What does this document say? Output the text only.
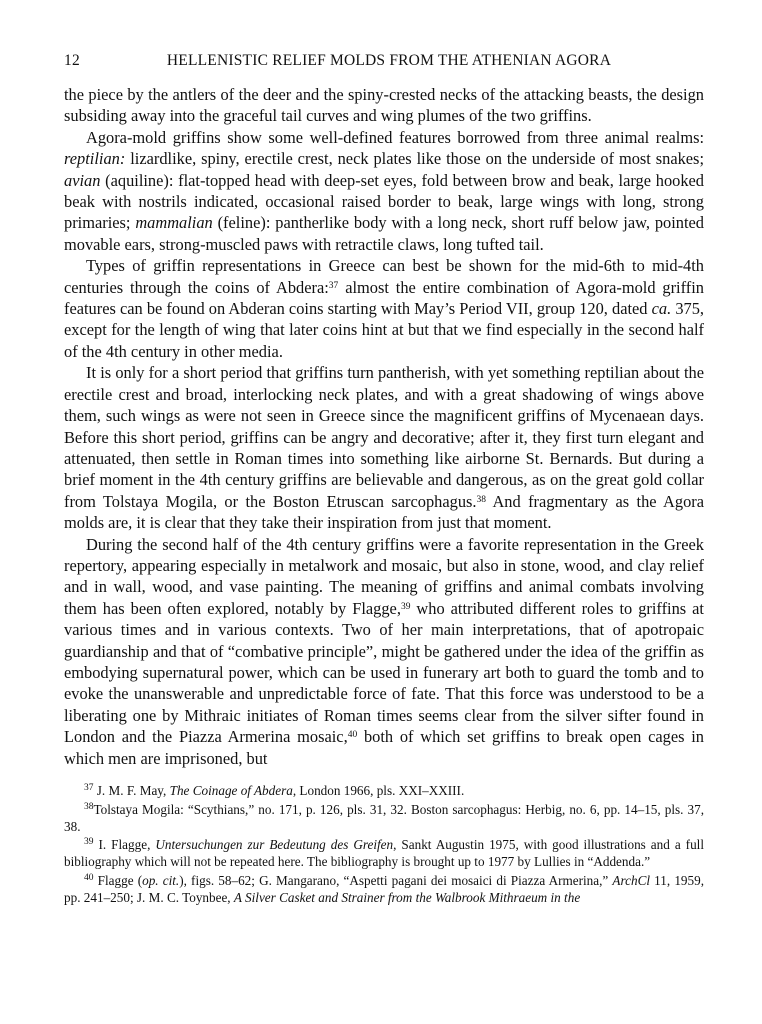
12	HELLENISTIC RELIEF MOLDS FROM THE ATHENIAN AGORA

the piece by the antlers of the deer and the spiny-crested necks of the attacking beasts, the design subsiding away into the graceful tail curves and wing plumes of the two griffins.

Agora-mold griffins show some well-defined features borrowed from three animal realms: reptilian: lizardlike, spiny, erectile crest, neck plates like those on the underside of most snakes; avian (aquiline): flat-topped head with deep-set eyes, fold between brow and beak, large hooked beak with nostrils indicated, occasional raised border to beak, large wings with long, strong primaries; mammalian (feline): pantherlike body with a long neck, short ruff below jaw, pointed movable ears, strong-muscled paws with retractile claws, long tufted tail.

Types of griffin representations in Greece can best be shown for the mid-6th to mid-4th centuries through the coins of Abdera:$^{37}$ almost the entire combination of Agora-mold griffin features can be found on Abderan coins starting with May’s Period VII, group 120, dated ca. 375, except for the length of wing that later coins hint at but that we find especially in the second half of the 4th century in other media.

It is only for a short period that griffins turn pantherish, with yet something reptilian about the erectile crest and broad, interlocking neck plates, and with a great shadowing of wings above them, such wings as were not seen in Greece since the magnificent griffins of Mycenaean days. Before this short period, griffins can be angry and decorative; after it, they first turn elegant and attenuated, then settle in Roman times into something like airborne St. Bernards. But during a brief moment in the 4th century griffins are believable and dangerous, as on the great gold collar from Tolstaya Mogila, or the Boston Etruscan sarcophagus.$^{38}$ And fragmentary as the Agora molds are, it is clear that they take their inspiration from just that moment.

During the second half of the 4th century griffins were a favorite representation in the Greek repertory, appearing especially in metalwork and mosaic, but also in stone, wood, and clay relief and in wall, wood, and vase painting. The meaning of griffins and animal combats involving them has been often explored, notably by Flagge,$^{39}$ who attributed different roles to griffins at various times and in various contexts. Two of her main interpretations, that of apotropaic guardianship and that of “combative principle”, might be gathered under the idea of the griffin as embodying supernatural power, which can be used in funerary art both to guard the tomb and to evoke the unanswerable and unpredictable force of fate. That this force was understood to be a liberating one by Mithraic initiates of Roman times seems clear from the silver sifter found in London and the Piazza Armerina mosaic,$^{40}$ both of which set griffins to break open cages in which men are imprisoned, but

$^{37}$ J. M. F. May, The Coinage of Abdera, London 1966, pls. XXI–XXIII.

$^{38}$Tolstaya Mogila: “Scythians,” no. 171, p. 126, pls. 31, 32. Boston sarcophagus: Herbig, no. 6, pp. 14–15, pls. 37, 38.

$^{39}$ I. Flagge, Untersuchungen zur Bedeutung des Greifen, Sankt Augustin 1975, with good illustrations and a full bibliography which will not be repeated here. The bibliography is brought up to 1977 by Lullies in “Addenda.”

$^{40}$ Flagge (op. cit.), figs. 58–62; G. Mangarano, “Aspetti pagani dei mosaici di Piazza Armerina,” ArchCl 11, 1959, pp. 241–250; J. M. C. Toynbee, A Silver Casket and Strainer from the Walbrook Mithraeum in the
